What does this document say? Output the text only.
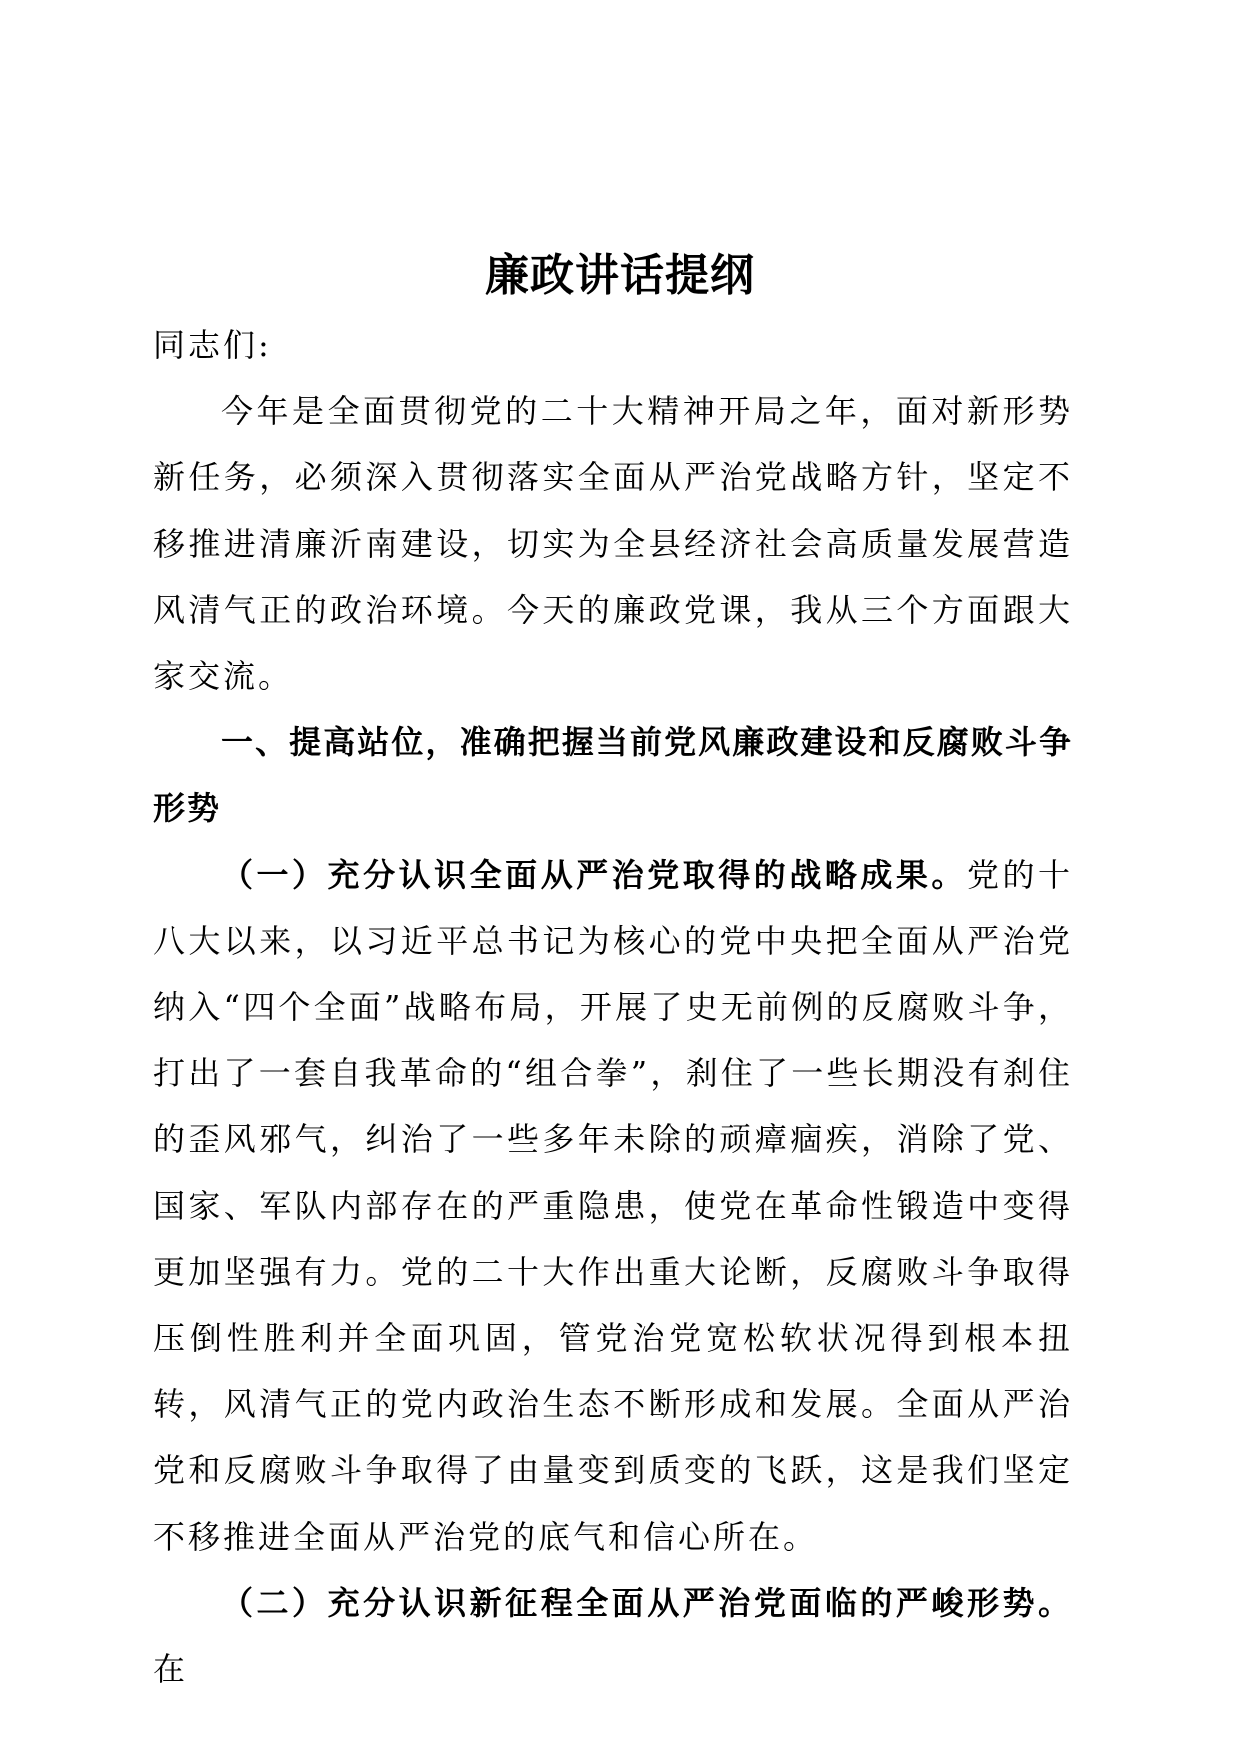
廉政讲话提纲

同志们:

今年是全面贯彻党的二十大精神开局之年，面对新形势新任务，必须深入贯彻落实全面从严治党战略方针，坚定不移推进清廉沂南建设，切实为全县经济社会高质量发展营造风清气正的政治环境。今天的廉政党课，我从三个方面跟大家交流。

一、提高站位，准确把握当前党风廉政建设和反腐败斗争形势

（一）充分认识全面从严治党取得的战略成果。党的十八大以来，以习近平总书记为核心的党中央把全面从严治党纳入“四个全面”战略布局，开展了史无前例的反腐败斗争，打出了一套自我革命的“组合拳”，刹住了一些长期没有刹住的歪风邪气，纠治了一些多年未除的顽瘴痼疾，消除了党、国家、军队内部存在的严重隐患，使党在革命性锻造中变得更加坚强有力。党的二十大作出重大论断，反腐败斗争取得压倒性胜利并全面巩固，管党治党宽松软状况得到根本扭转，风清气正的党内政治生态不断形成和发展。全面从严治党和反腐败斗争取得了由量变到质变的飞跃，这是我们坚定不移推进全面从严治党的底气和信心所在。

（二）充分认识新征程全面从严治党面临的严峻形势。在
